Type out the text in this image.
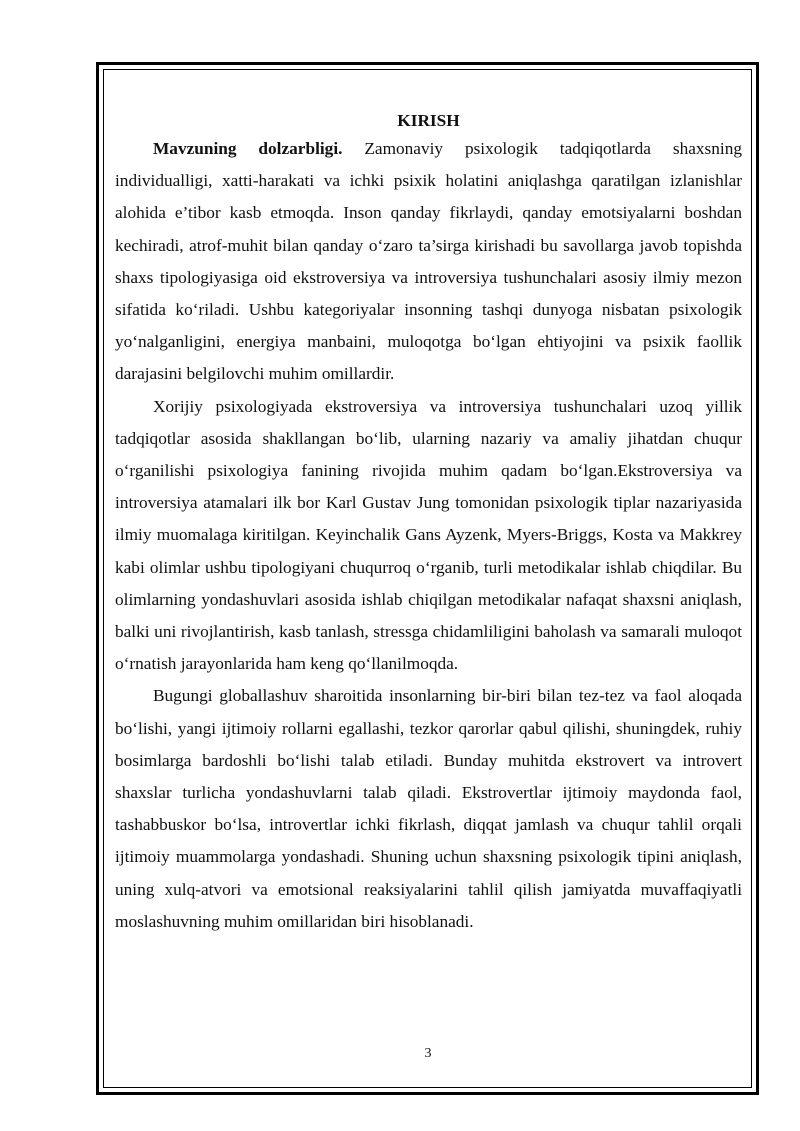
KIRISH

Mavzuning dolzarbligi. Zamonaviy psixologik tadqiqotlarda shaxsning individualligi, xatti-harakati va ichki psixik holatini aniqlashga qaratilgan izlanishlar alohida e’tibor kasb etmoqda. Inson qanday fikrlaydi, qanday emotsiyalarni boshdan kechiradi, atrof-muhit bilan qanday o‘zaro ta’sirga kirishadi bu savollarga javob topishda shaxs tipologiyasiga oid ekstroversiya va introversiya tushunchalari asosiy ilmiy mezon sifatida ko‘riladi. Ushbu kategoriyalar insonning tashqi dunyoga nisbatan psixologik yo‘nalganligini, energiya manbaini, muloqotga bo‘lgan ehtiyojini va psixik faollik darajasini belgilovchi muhim omillardir.

Xorijiy psixologiyada ekstroversiya va introversiya tushunchalari uzoq yillik tadqiqotlar asosida shakllangan bo‘lib, ularning nazariy va amaliy jihatdan chuqur o‘rganilishi psixologiya fanining rivojida muhim qadam bo‘lgan.Ekstroversiya va introversiya atamalari ilk bor Karl Gustav Jung tomonidan psixologik tiplar nazariyasida ilmiy muomalaga kiritilgan. Keyinchalik Gans Ayzenk, Myers-Briggs, Kosta va Makkrey kabi olimlar ushbu tipologiyani chuqurroq o‘rganib, turli metodikalar ishlab chiqdilar. Bu olimlarning yondashuvlari asosida ishlab chiqilgan metodikalar nafaqat shaxsni aniqlash, balki uni rivojlantirish, kasb tanlash, stressga chidamliligini baholash va samarali muloqot o‘rnatish jarayonlarida ham keng qo‘llanilmoqda.

Bugungi globallashuv sharoitida insonlarning bir-biri bilan tez-tez va faol aloqada bo‘lishi, yangi ijtimoiy rollarni egallashi, tezkor qarorlar qabul qilishi, shuningdek, ruhiy bosimlarga bardoshli bo‘lishi talab etiladi. Bunday muhitda ekstrovert va introvert shaxslar turlicha yondashuvlarni talab qiladi. Ekstrovertlar ijtimoiy maydonda faol, tashabbuskor bo‘lsa, introvertlar ichki fikrlash, diqqat jamlash va chuqur tahlil orqali ijtimoiy muammolarga yondashadi. Shuning uchun shaxsning psixologik tipini aniqlash, uning xulq-atvori va emotsional reaksiyalarini tahlil qilish jamiyatda muvaffaqiyatli moslashuvning muhim omillaridan biri hisoblanadi.

3
